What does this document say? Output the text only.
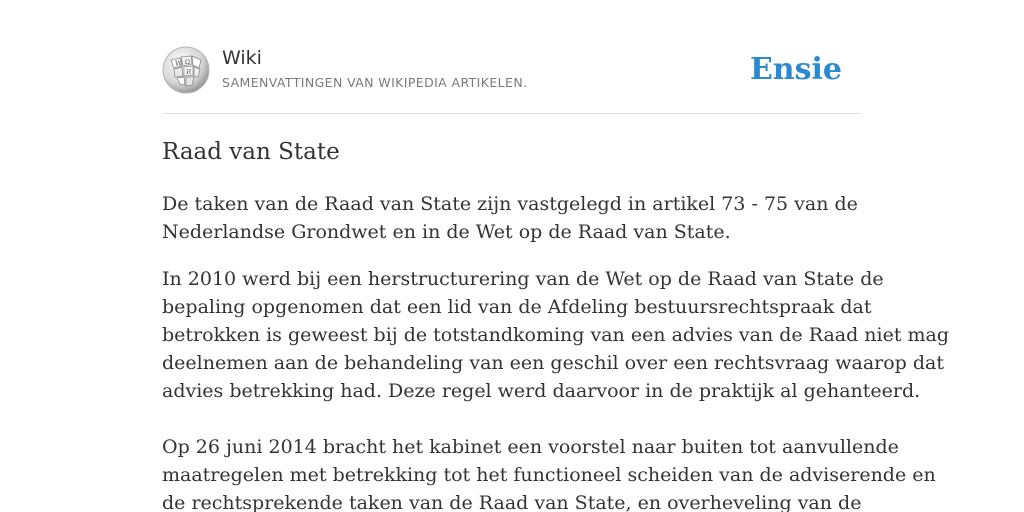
W Ω
И
Wiki
SAMENVATTINGEN VAN WIKIPEDIA ARTIKELEN.	Ensie
Raad van State

De taken van de Raad van State zijn vastgelegd in artikel 73 - 75 van de

Nederlandse Grondwet en in de Wet op de Raad van State.

In 2010 werd bij een herstructurering van de Wet op de Raad van State de

bepaling opgenomen dat een lid van de Afdeling bestuursrechtspraak dat

betrokken is geweest bij de totstandkoming van een advies van de Raad niet mag

deelnemen aan de behandeling van een geschil over een rechtsvraag waarop dat

advies betrekking had. Deze regel werd daarvoor in de praktijk al gehanteerd.

Op 26 juni 2014 bracht het kabinet een voorstel naar buiten tot aanvullende

maatregelen met betrekking tot het functioneel scheiden van de adviserende en

de rechtsprekende taken van de Raad van State, en overheveling van de
